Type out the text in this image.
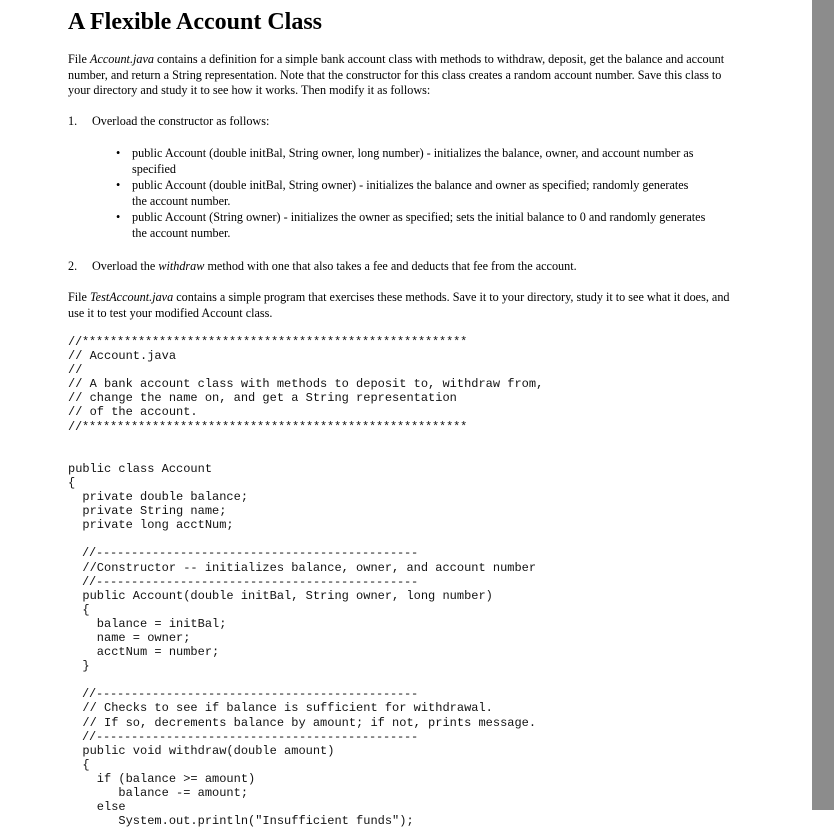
A Flexible Account Class
File Account.java contains a definition for a simple bank account class with methods to withdraw, deposit, get the balance and account number, and return a String representation. Note that the constructor for this class creates a random account number. Save this class to your directory and study it to see how it works. Then modify it as follows:
1. Overload the constructor as follows:
• public Account (double initBal, String owner, long number) - initializes the balance, owner, and account number as specified
• public Account (double initBal, String owner) - initializes the balance and owner as specified; randomly generates the account number.
• public Account (String owner) - initializes the owner as specified; sets the initial balance to 0 and randomly generates the account number.
2. Overload the withdraw method with one that also takes a fee and deducts that fee from the account.
File TestAccount.java contains a simple program that exercises these methods. Save it to your directory, study it to see what it does, and use it to test your modified Account class.
//*******************************************************
// Account.java
//
// A bank account class with methods to deposit to, withdraw from,
// change the name on, and get a String representation
// of the account.
//*******************************************************
public class Account
{
private double balance;
private String name;
private long acctNum;
//----------------------------------------------
//Constructor -- initializes balance, owner, and account number
//----------------------------------------------
public Account(double initBal, String owner, long number)
{
balance = initBal;
name = owner;
acctNum = number;
}
//----------------------------------------------
// Checks to see if balance is sufficient for withdrawal.
// If so, decrements balance by amount; if not, prints message.
//----------------------------------------------
public void withdraw(double amount)
{
if (balance >= amount)
balance -= amount;
else
System.out.println("Insufficient funds");
